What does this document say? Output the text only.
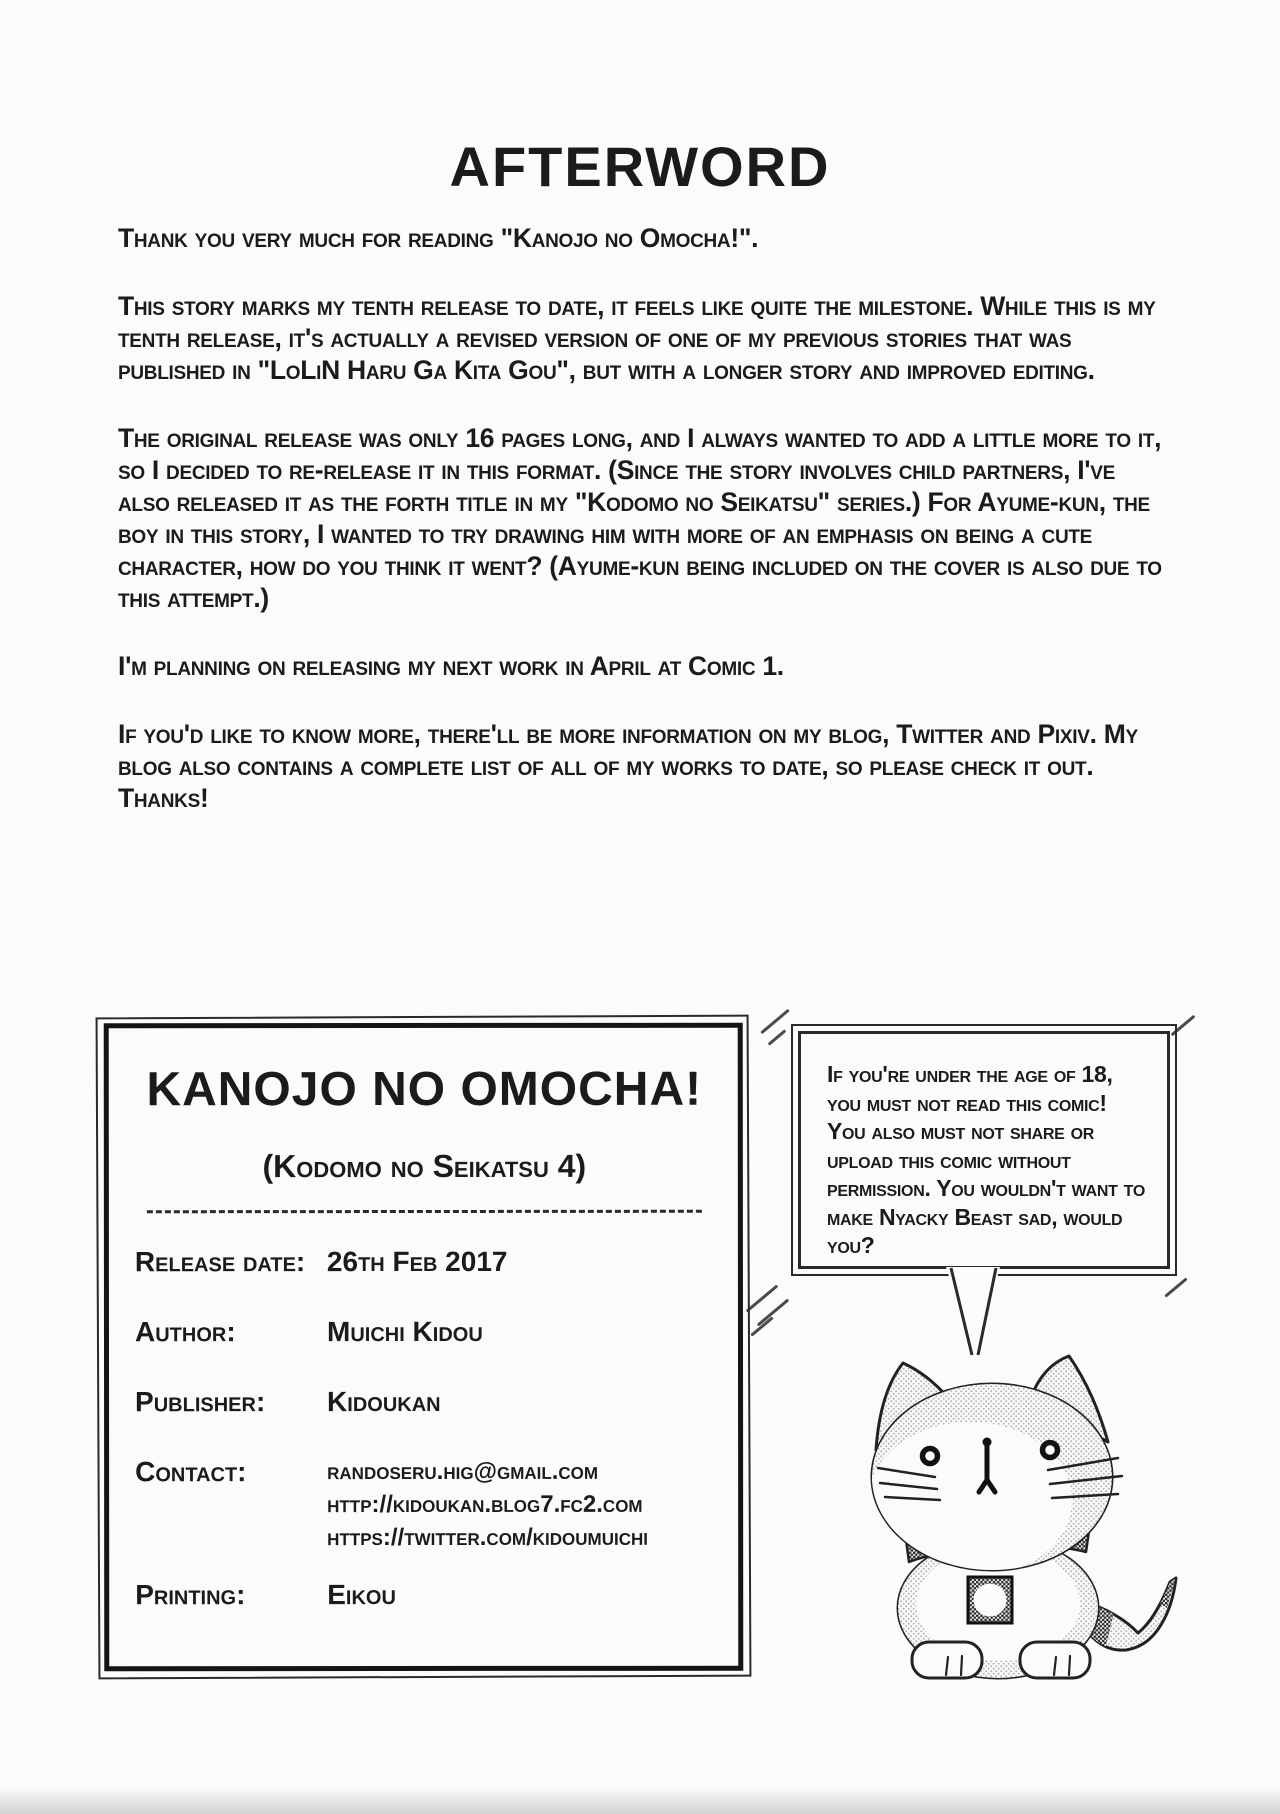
AFTERWORD

Thank you very much for reading "Kanojo no Omocha!".

This story marks my tenth release to date, it feels like quite the milestone. While this is my tenth release, it's actually a revised version of one of my previous stories that was published in "LoLiN Haru Ga Kita Gou", but with a longer story and improved editing.

The original release was only 16 pages long, and I always wanted to add a little more to it, so I decided to re-release it in this format. (Since the story involves child partners, I've also released it as the forth title in my "Kodomo no Seikatsu" series.) For Ayume-kun, the boy in this story, I wanted to try drawing him with more of an emphasis on being a cute character, how do you think it went? (Ayume-kun being included on the cover is also due to this attempt.)

I'm planning on releasing my next work in April at Comic 1.

If you'd like to know more, there'll be more information on my blog, Twitter and Pixiv. My blog also contains a complete list of all of my works to date, so please check it out. Thanks!

KANOJO NO OMOCHA!
(Kodomo no Seikatsu 4)
Release date: 26th Feb 2017
Author:	Muichi Kidou
Publisher:	Kidoukan
Contact:	randoseru.hig@gmail.com
http://kidoukan.blog7.fc2.com
https://twitter.com/kidoumuichi
Printing:	Eikou

If you're under the age of 18, you must not read this comic! You also must not share or upload this comic without permission. You wouldn't want to make Nyacky Beast sad, would you?
